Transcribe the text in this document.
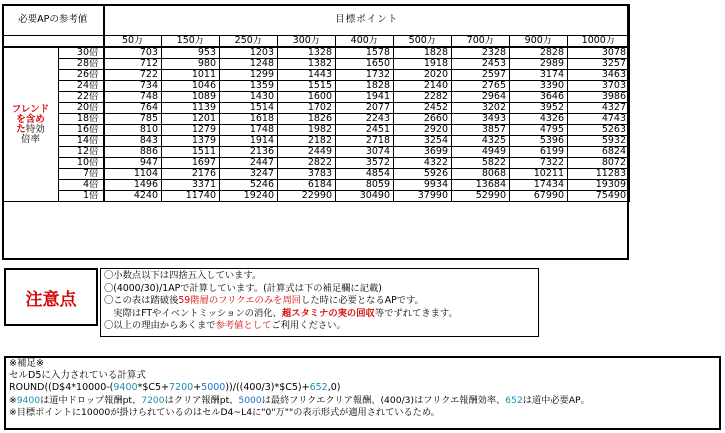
必要APの参考値		目標ポイント								
		50万	150万	250万	300万	400万	500万	700万	900万	1000万
フレンド
を含め
た特効
倍率	30倍	703	953	1203	1328	1578	1828	2328	2828	3078
	28倍	712	980	1248	1382	1650	1918	2453	2989	3257
	26倍	722	1011	1299	1443	1732	2020	2597	3174	3463
	24倍	734	1046	1359	1515	1828	2140	2765	3390	3703
	22倍	748	1089	1430	1600	1941	2282	2964	3646	3986
	20倍	764	1139	1514	1702	2077	2452	3202	3952	4327
	18倍	785	1201	1618	1826	2243	2660	3493	4326	4743
	16倍	810	1279	1748	1982	2451	2920	3857	4795	5263
	14倍	843	1379	1914	2182	2718	3254	4325	5396	5932
	12倍	886	1511	2136	2449	3074	3699	4949	6199	6824
	10倍	947	1697	2447	2822	3572	4322	5822	7322	8072
	7倍	1104	2176	3247	3783	4854	5926	8068	10211	11283
	4倍	1496	3371	5246	6184	8059	9934	13684	17434	19309
	1倍	4240	11740	19240	22990	30490	37990	52990	67990	75490
注意点
〇小数点以下は四捨五入しています。
〇(4000/30)/1APで計算しています。(計算式は下の補足欄に記載)
〇この表は踏破後59階層のフリクエのみを周回した時に必要となるAPです。
　実際はFTやイベントミッションの消化、超スタミナの実の回収等でずれてきます。
〇以上の理由からあくまで参考値としてご利用ください。
※補足※
セルD5に入力されている計算式
ROUND((D$4*10000-(9400*$C5+7200+5000))/((400/3)*$C5)+652,0)
※9400は道中ドロップ報酬pt、7200はクリア報酬pt、5000は最終フリクエクリア報酬、(400/3)はフリクエ報酬効率、652は道中必要AP。
※目標ポイントに10000が掛けられているのはセルD4~L4に"0"万""の表示形式が適用されているため。
